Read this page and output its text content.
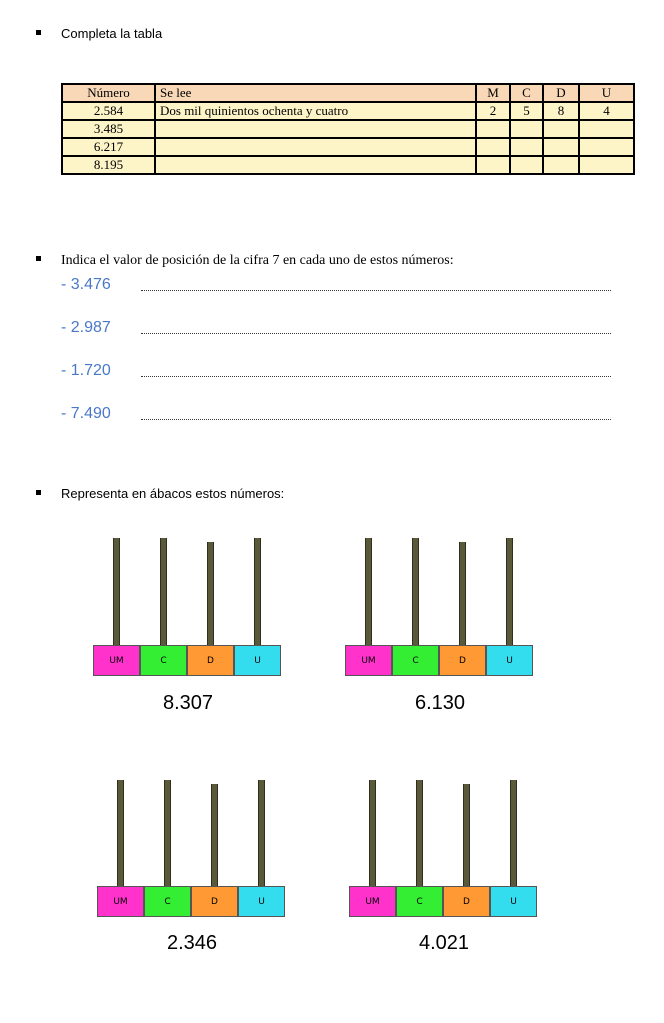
Completa la tabla
Número	Se lee	M	C	D	U
2.584	Dos mil quinientos ochenta y cuatro	2	5	8	4
3.485					
6.217					
8.195					
Indica el valor de posición de la cifra 7 en cada uno de estos números:
- 3.476
- 2.987
- 1.720
- 7.490
Representa en ábacos estos números:
UM	C	D	U
8.307
UM	C	D	U
6.130
UM	C	D	U
2.346
UM	C	D	U
4.021
